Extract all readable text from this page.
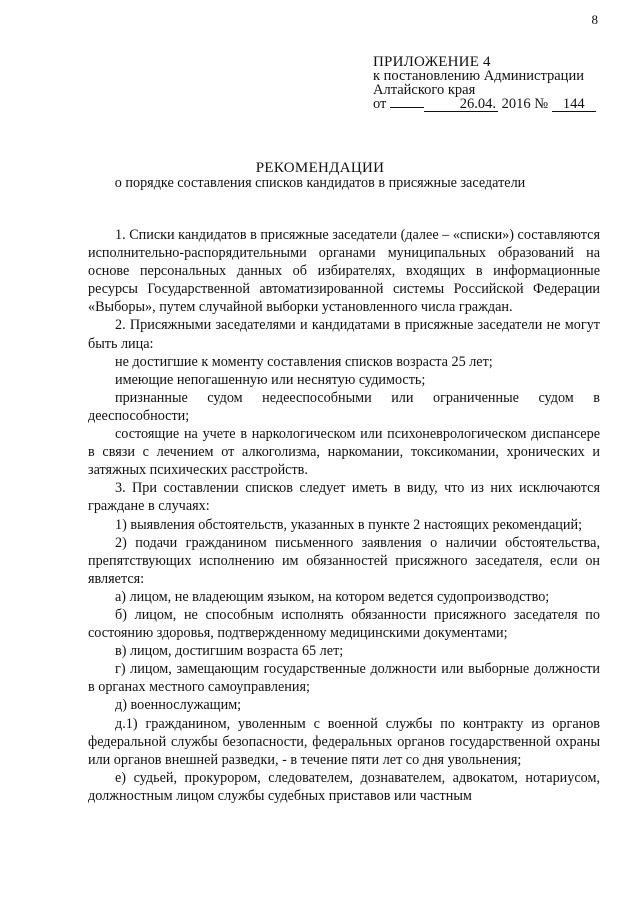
8
ПРИЛОЖЕНИЕ 4
к постановлению Администрации
Алтайского края
от	26.04. 2016 № 144
РЕКОМЕНДАЦИИ
о порядке составления списков кандидатов в присяжные заседатели

1. Списки кандидатов в присяжные заседатели (далее – «списки») составляются исполнительно-распорядительными органами муниципальных образований на основе персональных данных об избирателях, входящих в информационные ресурсы Государственной автоматизированной системы Российской Федерации «Выборы», путем случайной выборки установленного числа граждан.

2. Присяжными заседателями и кандидатами в присяжные заседатели не могут быть лица:

не достигшие к моменту составления списков возраста 25 лет;

имеющие непогашенную или неснятую судимость;

признанные судом недееспособными или ограниченные судом в дееспособности;

состоящие на учете в наркологическом или психоневрологическом диспансере в связи с лечением от алкоголизма, наркомании, токсикомании, хронических и затяжных психических расстройств.

3. При составлении списков следует иметь в виду, что из них исключаются граждане в случаях:

1) выявления обстоятельств, указанных в пункте 2 настоящих рекомендаций;

2) подачи гражданином письменного заявления о наличии обстоятельства, препятствующих исполнению им обязанностей присяжного заседателя, если он является:

а) лицом, не владеющим языком, на котором ведется судопроизводство;

б) лицом, не способным исполнять обязанности присяжного заседателя по состоянию здоровья, подтвержденному медицинскими документами;

в) лицом, достигшим возраста 65 лет;

г) лицом, замещающим государственные должности или выборные должности в органах местного самоуправления;

д) военнослужащим;

д.1) гражданином, уволенным с военной службы по контракту из органов федеральной службы безопасности, федеральных органов государственной охраны или органов внешней разведки, - в течение пяти лет со дня увольнения;

е) судьей, прокурором, следователем, дознавателем, адвокатом, нотариусом, должностным лицом службы судебных приставов или частным
